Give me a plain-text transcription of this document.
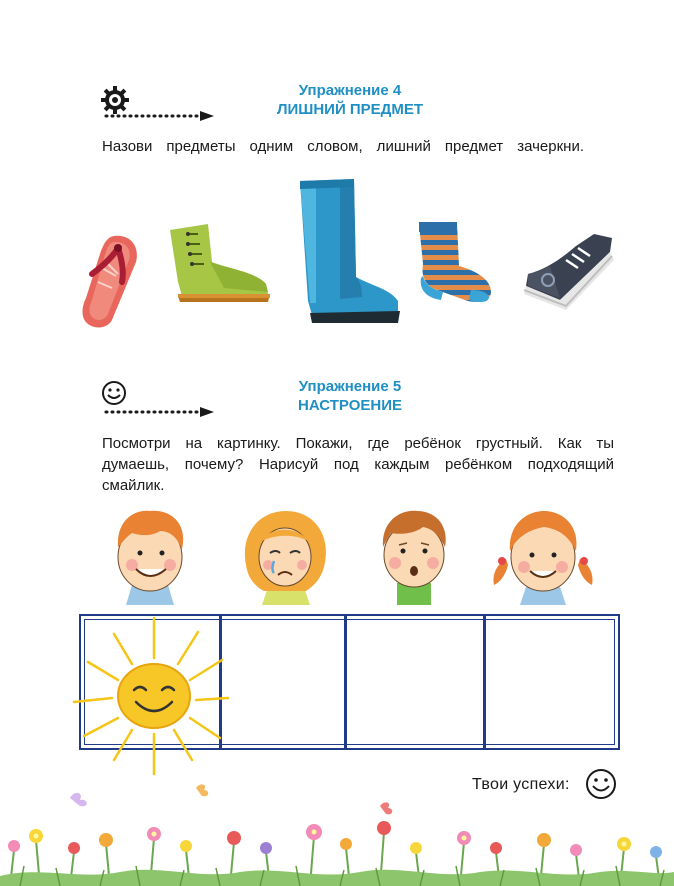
Упражнение 4
ЛИШНИЙ ПРЕДМЕТ
Назови предметы одним словом, лишний предмет зачеркни.
Упражнение 5
НАСТРОЕНИЕ
Посмотри на картинку. Покажи, где ребёнок грустный. Как ты
думаешь, почему? Нарисуй под каждым ребёнком подходящий
смайлик.
Твои успехи:
